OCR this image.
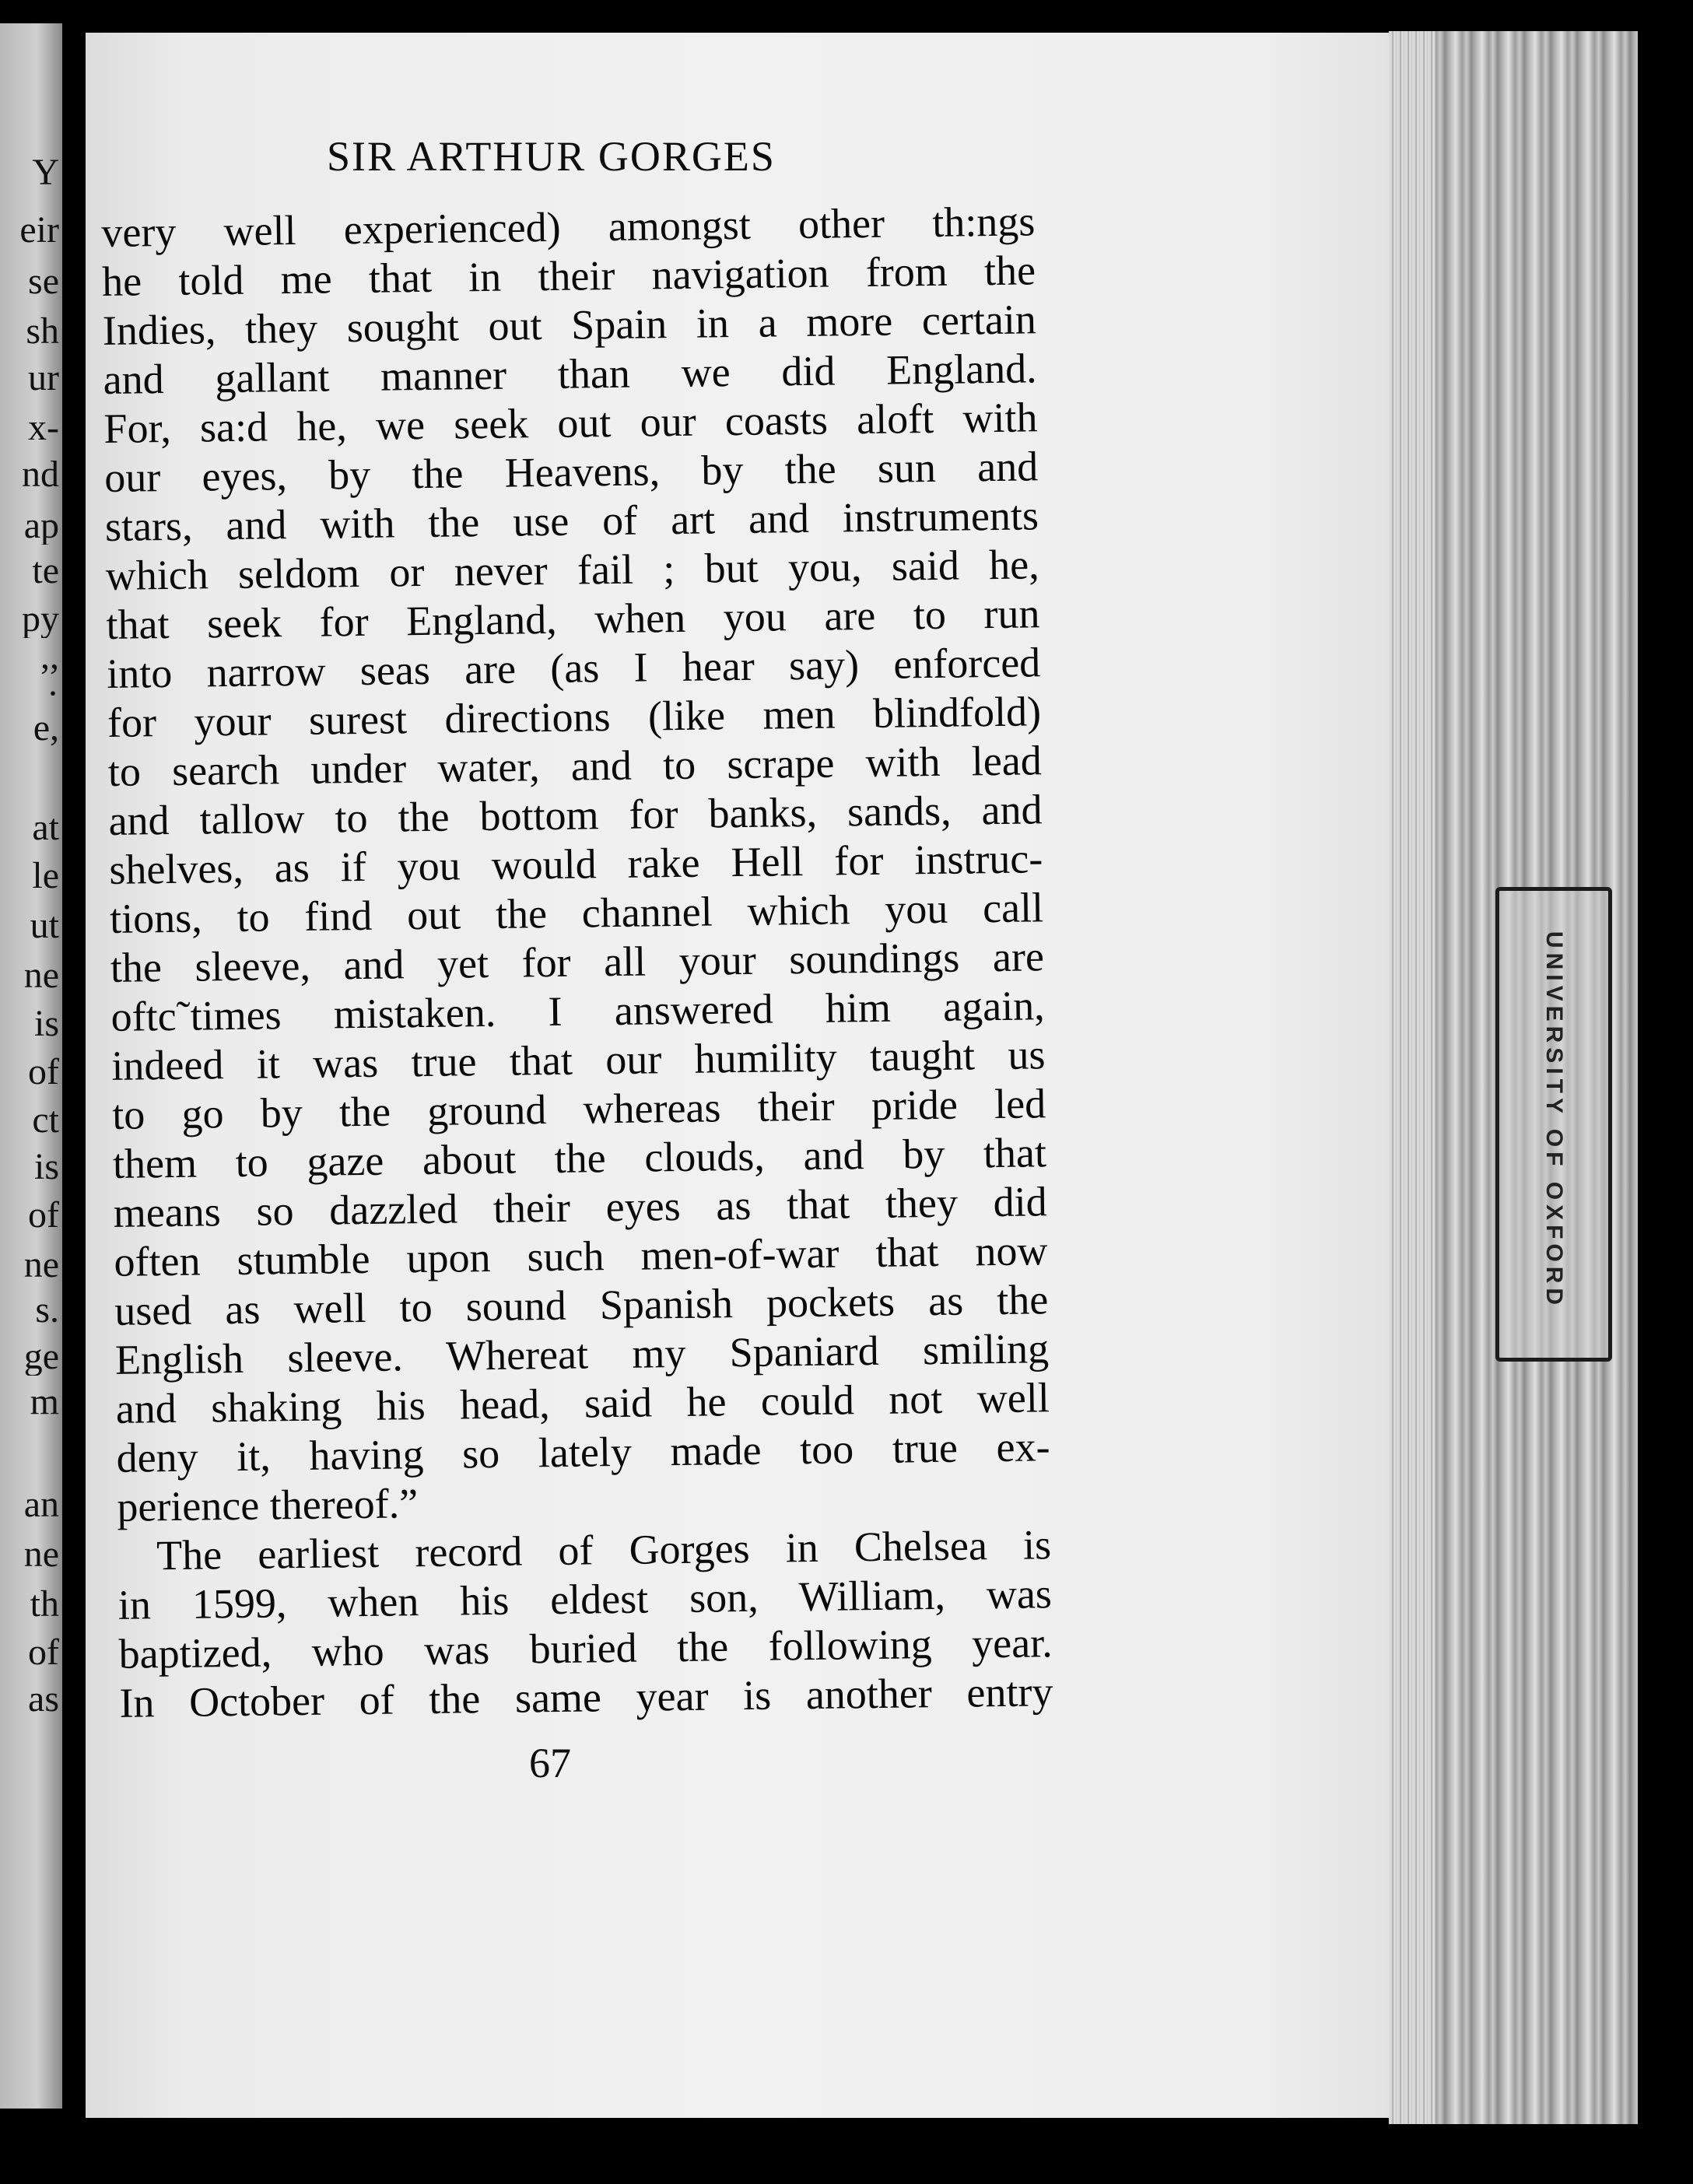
Y
eir
se
sh
ur
x-
nd
ap
te
py
,,
·
e,
at
le
ut
ne
is
of
ct
is
of
ne
s.
ge
m
an
ne
th
of
as
UNIVERSITY OF OXFORD
SIR ARTHUR GORGES
very well experienced) amongst other th:ngs
he told me that in their navigation from the
Indies, they sought out Spain in a more certain
and gallant manner than we did England.
For, sa:d he, we seek out our coasts aloft with
our eyes, by the Heavens, by the sun and
stars, and with the use of art and instruments
which seldom or never fail ; but you, said he,
that seek for England, when you are to run
into narrow seas are (as I hear say) enforced
for your surest directions (like men blindfold)
to search under water, and to scrape with lead
and tallow to the bottom for banks, sands, and
shelves, as if you would rake Hell for instruc-
tions, to find out the channel which you call
the sleeve, and yet for all your soundings are
oftc˜times mistaken. I answered him again,
indeed it was true that our humility taught us
to go by the ground whereas their pride led
them to gaze about the clouds, and by that
means so dazzled their eyes as that they did
often stumble upon such men-of-war that now
used as well to sound Spanish pockets as the
English sleeve. Whereat my Spaniard smiling
and shaking his head, said he could not well
deny it, having so lately made too true ex-
perience thereof.”
The earliest record of Gorges in Chelsea is
in 1599, when his eldest son, William, was
baptized, who was buried the following year.
In October of the same year is another entry
67
